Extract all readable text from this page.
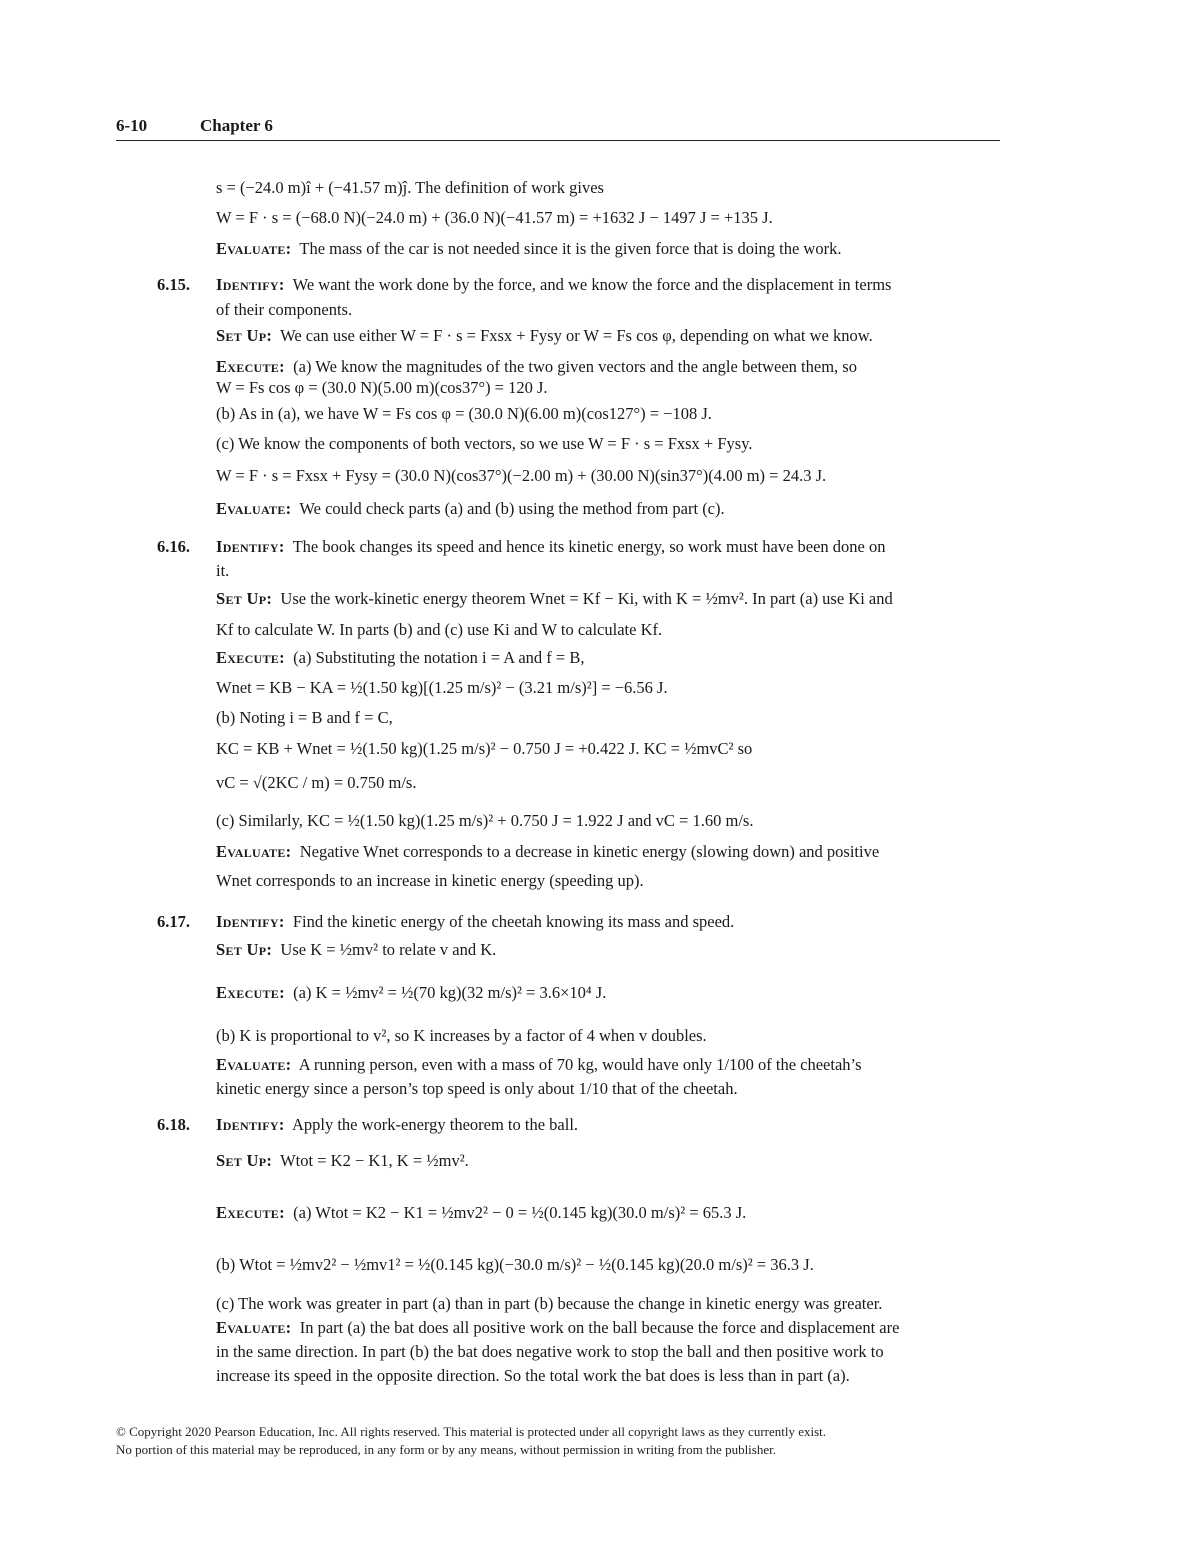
6-10	Chapter 6
s = (−24.0 m)î + (−41.57 m)ĵ. The definition of work gives
W = F · s = (−68.0 N)(−24.0 m) + (36.0 N)(−41.57 m) = +1632 J − 1497 J = +135 J.
Evaluate: The mass of the car is not needed since it is the given force that is doing the work.
6.15. Identify: We want the work done by the force, and we know the force and the displacement in terms
of their components.
Set Up: We can use either W = F · s = Fxsx + Fysy or W = Fs cos φ, depending on what we know.
Execute: (a) We know the magnitudes of the two given vectors and the angle between them, so
W = Fs cos φ = (30.0 N)(5.00 m)(cos37°) = 120 J.
(b) As in (a), we have W = Fs cos φ = (30.0 N)(6.00 m)(cos127°) = −108 J.
(c) We know the components of both vectors, so we use W = F · s = Fxsx + Fysy.
W = F · s = Fxsx + Fysy = (30.0 N)(cos37°)(−2.00 m) + (30.00 N)(sin37°)(4.00 m) = 24.3 J.
Evaluate: We could check parts (a) and (b) using the method from part (c).
6.16. Identify: The book changes its speed and hence its kinetic energy, so work must have been done on
it.
Set Up: Use the work-kinetic energy theorem Wnet = Kf − Ki, with K = ½mv². In part (a) use Ki and
Kf to calculate W. In parts (b) and (c) use Ki and W to calculate Kf.
Execute: (a) Substituting the notation i = A and f = B,
Wnet = KB − KA = ½(1.50 kg)[(1.25 m/s)² − (3.21 m/s)²] = −6.56 J.
(b) Noting i = B and f = C,
KC = KB + Wnet = ½(1.50 kg)(1.25 m/s)² − 0.750 J = +0.422 J. KC = ½mvC² so
vC = √(2KC / m) = 0.750 m/s.
(c) Similarly, KC = ½(1.50 kg)(1.25 m/s)² + 0.750 J = 1.922 J and vC = 1.60 m/s.
Evaluate: Negative Wnet corresponds to a decrease in kinetic energy (slowing down) and positive
Wnet corresponds to an increase in kinetic energy (speeding up).
6.17. Identify: Find the kinetic energy of the cheetah knowing its mass and speed.
Set Up: Use K = ½mv² to relate v and K.
Execute: (a) K = ½mv² = ½(70 kg)(32 m/s)² = 3.6×10⁴ J.
(b) K is proportional to v², so K increases by a factor of 4 when v doubles.
Evaluate: A running person, even with a mass of 70 kg, would have only 1/100 of the cheetah’s
kinetic energy since a person’s top speed is only about 1/10 that of the cheetah.
6.18. Identify: Apply the work-energy theorem to the ball.
Set Up: Wtot = K2 − K1, K = ½mv².
Execute: (a) Wtot = K2 − K1 = ½mv2² − 0 = ½(0.145 kg)(30.0 m/s)² = 65.3 J.
(b) Wtot = ½mv2² − ½mv1² = ½(0.145 kg)(−30.0 m/s)² − ½(0.145 kg)(20.0 m/s)² = 36.3 J.
(c) The work was greater in part (a) than in part (b) because the change in kinetic energy was greater.
Evaluate: In part (a) the bat does all positive work on the ball because the force and displacement are
in the same direction. In part (b) the bat does negative work to stop the ball and then positive work to
increase its speed in the opposite direction. So the total work the bat does is less than in part (a).
© Copyright 2020 Pearson Education, Inc. All rights reserved. This material is protected under all copyright laws as they currently exist.
No portion of this material may be reproduced, in any form or by any means, without permission in writing from the publisher.
